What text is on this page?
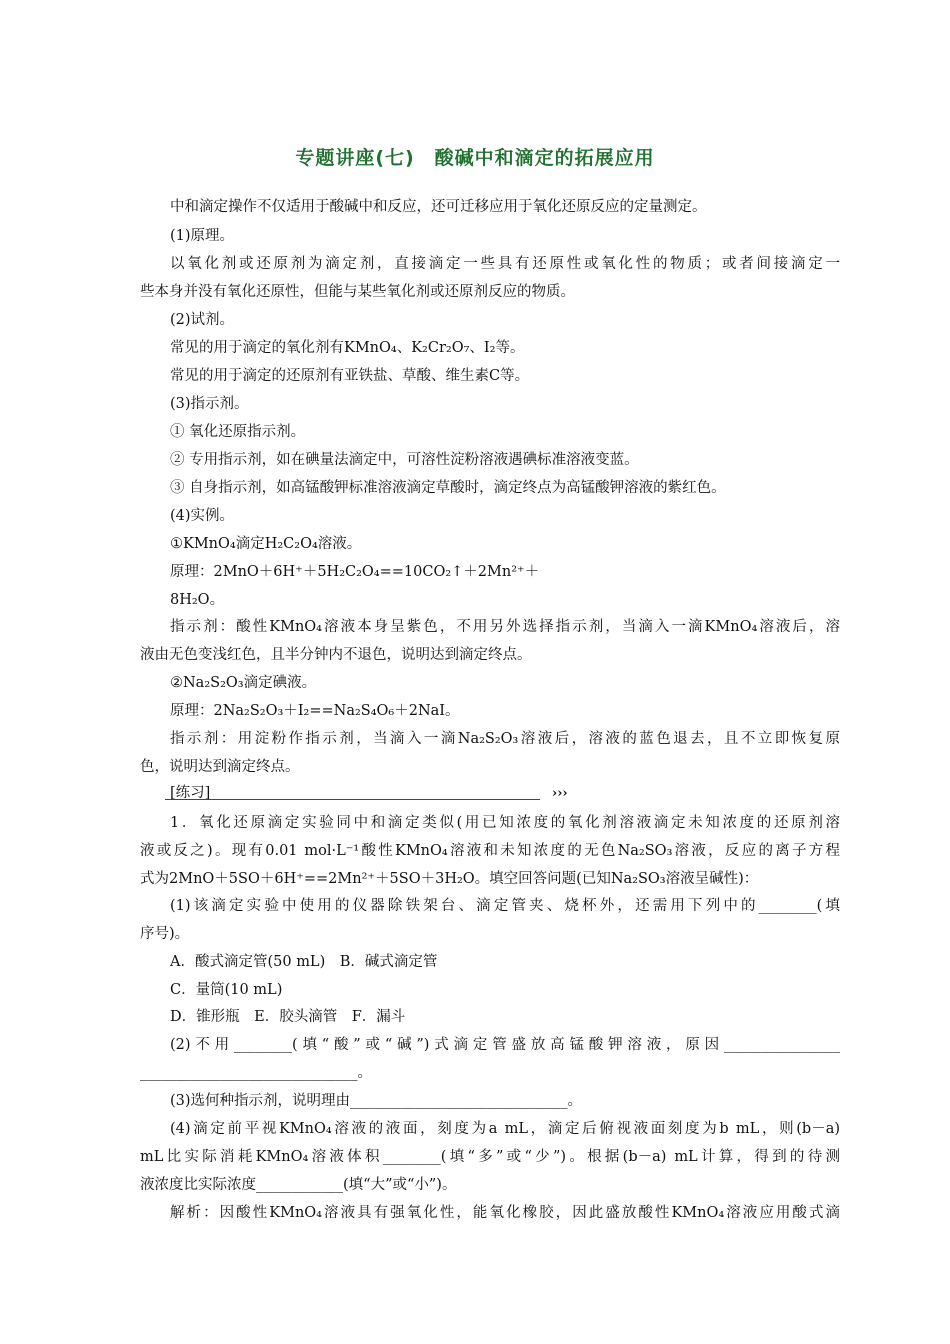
专题讲座(七)　酸碱中和滴定的拓展应用
中和滴定操作不仅适用于酸碱中和反应，还可迁移应用于氧化还原反应的定量测定。
(1)原理。
以氧化剂或还原剂为滴定剂，直接滴定一些具有还原性或氧化性的物质；或者间接滴定一
些本身并没有氧化还原性，但能与某些氧化剂或还原剂反应的物质。
(2)试剂。
常见的用于滴定的氧化剂有KMnO₄、K₂Cr₂O₇、I₂等。
常见的用于滴定的还原剂有亚铁盐、草酸、维生素C等。
(3)指示剂。
① 氧化还原指示剂。
② 专用指示剂，如在碘量法滴定中，可溶性淀粉溶液遇碘标准溶液变蓝。
③ 自身指示剂，如高锰酸钾标准溶液滴定草酸时，滴定终点为高锰酸钾溶液的紫红色。
(4)实例。
①KMnO₄滴定H₂C₂O₄溶液。
原理：2MnO＋6H⁺＋5H₂C₂O₄==10CO₂↑＋2Mn²⁺＋
8H₂O。
指示剂：酸性KMnO₄溶液本身呈紫色，不用另外选择指示剂，当滴入一滴KMnO₄溶液后，溶
液由无色变浅红色，且半分钟内不退色，说明达到滴定终点。
②Na₂S₂O₃滴定碘液。
原理：2Na₂S₂O₃＋I₂==Na₂S₄O₆＋2NaI。
指示剂：用淀粉作指示剂，当滴入一滴Na₂S₂O₃溶液后，溶液的蓝色退去，且不立即恢复原
色，说明达到滴定终点。
[练习]	›››
1．氧化还原滴定实验同中和滴定类似(用已知浓度的氧化剂溶液滴定未知浓度的还原剂溶
液或反之)。现有0.01 mol·L⁻¹酸性KMnO₄溶液和未知浓度的无色Na₂SO₃溶液，反应的离子方程
式为2MnO＋5SO＋6H⁺==2Mn²⁺＋5SO＋3H₂O。填空回答问题(已知Na₂SO₃溶液呈碱性)：
(1)该滴定实验中使用的仪器除铁架台、滴定管夹、烧杯外，还需用下列中的________(填
序号)。
A．酸式滴定管(50 mL)　B．碱式滴定管
C．量筒(10 mL)
D．锥形瓶　E．胶头滴管　F．漏斗
(2)不用________(填“酸”或“碱”)式滴定管盛放高锰酸钾溶液，原因________________
______________________________。
(3)选何种指示剂，说明理由______________________________。
(4)滴定前平视KMnO₄溶液的液面，刻度为a mL，滴定后俯视液面刻度为b mL，则(b－a)
mL比实际消耗KMnO₄溶液体积________(填“多”或“少”)。根据(b－a) mL计算，得到的待测
液浓度比实际浓度____________(填“大”或“小”)。
解析：因酸性KMnO₄溶液具有强氧化性，能氧化橡胶，因此盛放酸性KMnO₄溶液应用酸式滴
